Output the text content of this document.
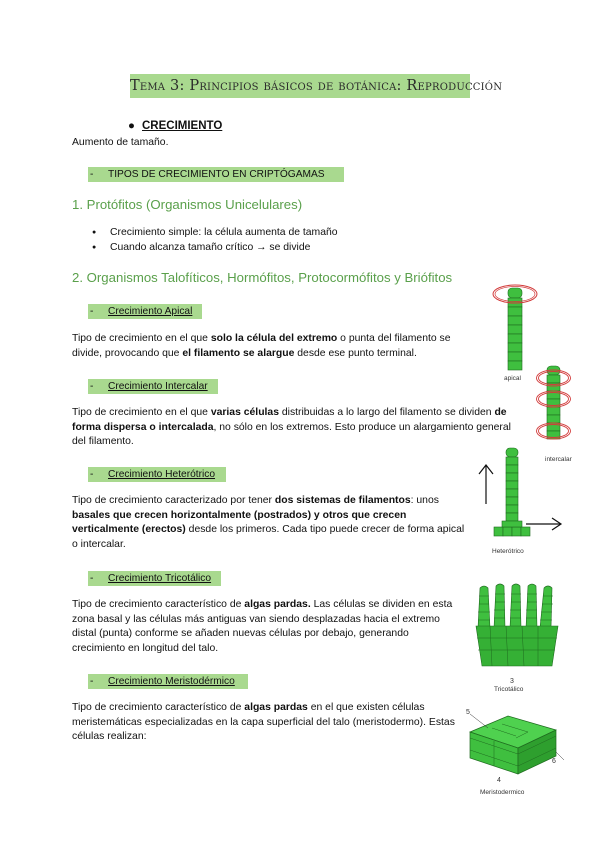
Tema 3: Principios básicos de botánica: Reproducción
● CRECIMIENTO
Aumento de tamaño.
- TIPOS DE CRECIMIENTO EN CRIPTÓGAMAS
1. Protófitos (Organismos Unicelulares)
● Crecimiento simple: la célula aumenta de tamaño
● Cuando alcanza tamaño crítico → se divide
2. Organismos Talofíticos, Hormófitos, Protocormófitos y Briófitos
- Crecimiento Apical
Tipo de crecimiento en el que solo la célula del extremo o punta del filamento se divide, provocando que el filamento se alargue desde ese punto terminal.
- Crecimiento Intercalar
Tipo de crecimiento en el que varias células distribuidas a lo largo del filamento se dividen de forma dispersa o intercalada, no sólo en los extremos. Esto produce un alargamiento general del filamento.
- Crecimiento Heterótrico
Tipo de crecimiento caracterizado por tener dos sistemas de filamentos: unos basales que crecen horizontalmente (postrados) y otros que crecen verticalmente (erectos) desde los primeros. Cada tipo puede crecer de forma apical o intercalar.
- Crecimiento Tricotálico
Tipo de crecimiento característico de algas pardas. Las células se dividen en esta zona basal y las células más antiguas van siendo desplazadas hacia el extremo distal (punta) conforme se añaden nuevas células por debajo, generando crecimiento en longitud del talo.
- Crecimiento Meristodérmico
Tipo de crecimiento característico de algas pardas en el que existen células meristemáticas especializadas en la capa superficial del talo (meristodermo). Estas células realizan:
apical
intercalar
Heterótrico
3
Tricotálico
5
6
4
Meristodermico
